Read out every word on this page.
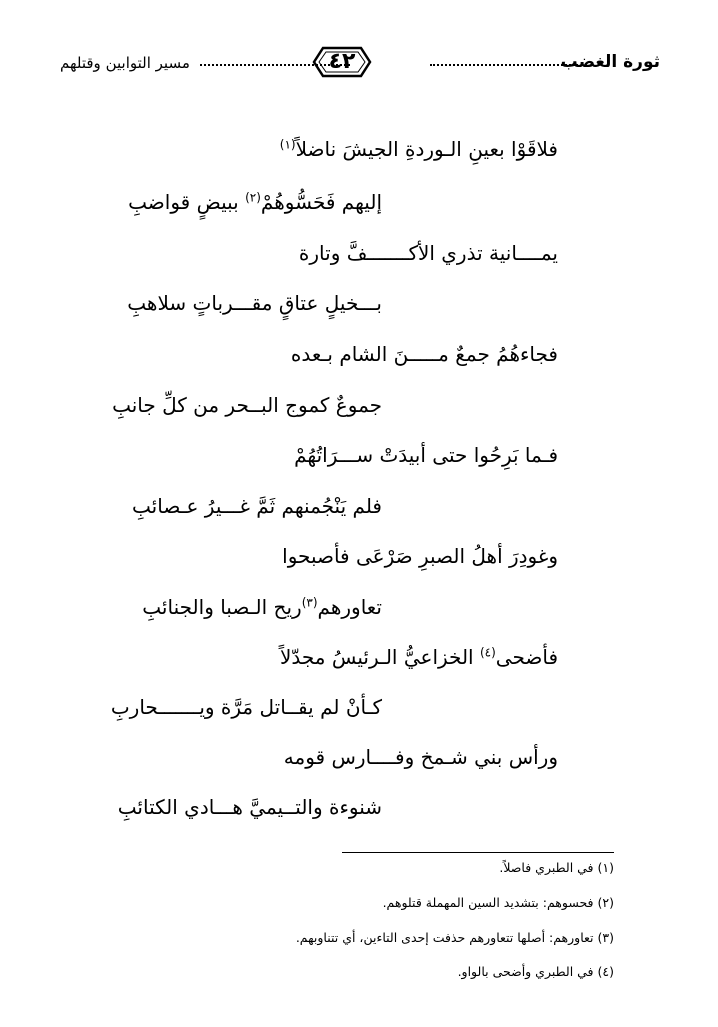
ثورة الغضب
٤٢
مسير التوابين وقتلهم
فلاقَوْا بعينِ الـوردةِ الجيشَ ناضلاً$^{(١)}$
إليهم فَحَسُّوهُمْ$^{(٢)}$ ببيضٍ قواضبِ
يمــــانية تذري الأكـــــــفَّ وتارة
بـــخيلٍ عتاقٍ مقـــرباتٍ سلاهبِ
فجاءهُمُ جمعٌ مـــــنَ الشام بـعده
جموعٌ كموج البــحر من كلِّ جانبِ
فـما بَرِحُوا حتى أبيدَتْ ســـرَاتُهُمْ
فلم يَنْجُمنهم ثَمَّ غـــيرُ عـصائبِ
وغودِرَ أهلُ الصبرِ صَرْعَى فأصبحوا
تعاورهم$^{(٣)}$ريح الـصبا والجنائبِ
فأضحى$^{(٤)}$ الخزاعيُّ الـرئيسُ مجدّلاً
كـأنْ لم يقــاتل مَرَّة ويـــــــحاربِ
ورأس بني شـمخ وفــــارس قومه
شنوءة والتــيميَّ هـــادي الكتائبِ
(١) في الطبري فاصلاً.
(٢) فحسوهم: بتشديد السين المهملة قتلوهم.
(٣) تعاورهم: أصلها تتعاورهم حذفت إحدى التاءين، أي تتناوبهم.
(٤) في الطبري وأضحى بالواو.
